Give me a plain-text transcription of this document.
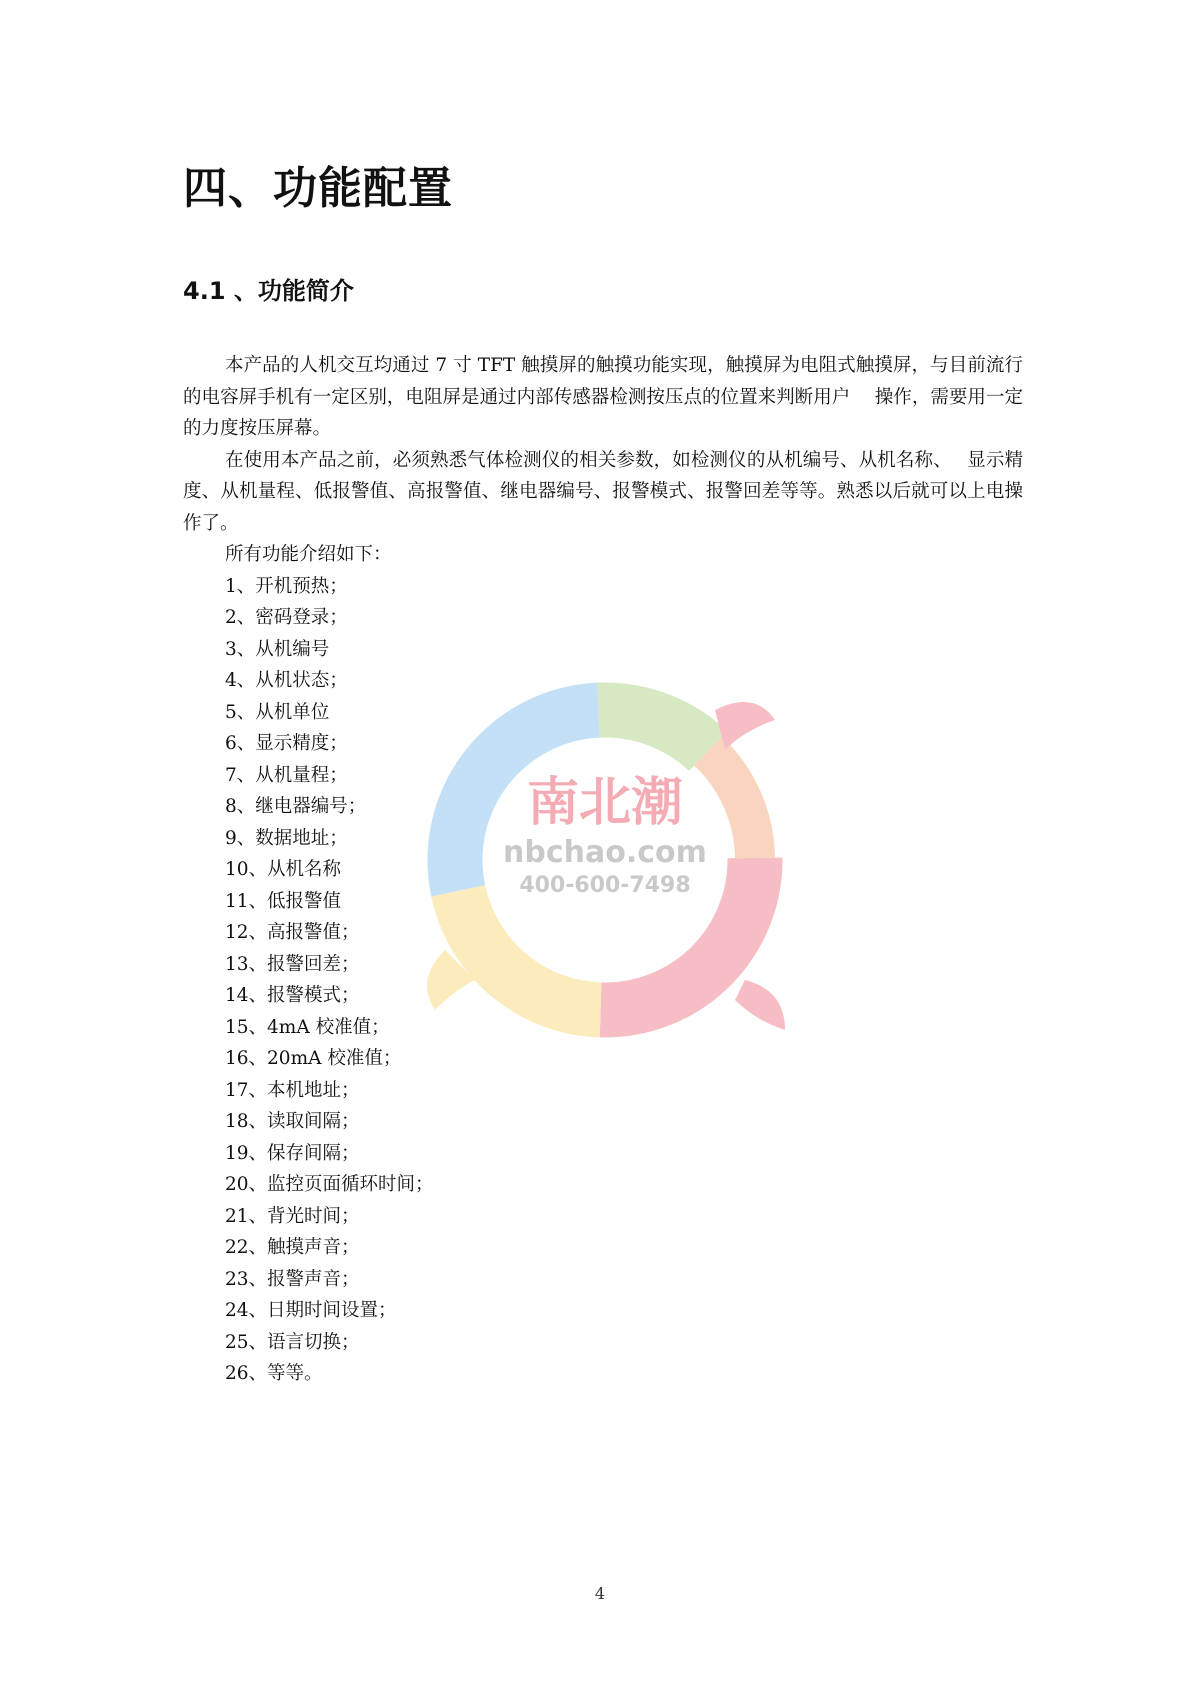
四、功能配置
4.1 、功能简介

本产品的人机交互均通过 7 寸 TFT 触摸屏的触摸功能实现，触摸屏为电阻式触摸屏，与目前流行的电容屏手机有一定区别，电阻屏是通过内部传感器检测按压点的位置来判断用户　 操作，需要用一定的力度按压屏幕。

在使用本产品之前，必须熟悉气体检测仪的相关参数，如检测仪的从机编号、从机名称、　 显示精度、从机量程、低报警值、高报警值、继电器编号、报警模式、报警回差等等。熟悉以后就可以上电操作了。

所有功能介绍如下：

1、开机预热；
2、密码登录；
3、从机编号
4、从机状态；
5、从机单位
6、显示精度；
7、从机量程；
8、继电器编号；
9、数据地址；
10、从机名称
11、低报警值
12、高报警值；
13、报警回差；
14、报警模式；
15、4mA 校准值；
16、20mA 校准值；
17、本机地址；
18、读取间隔；
19、保存间隔；
20、监控页面循环时间；
21、背光时间；
22、触摸声音；
23、报警声音；
24、日期时间设置；
25、语言切换；
26、等等。
南北潮
nbchao.com
400-600-7498
4
